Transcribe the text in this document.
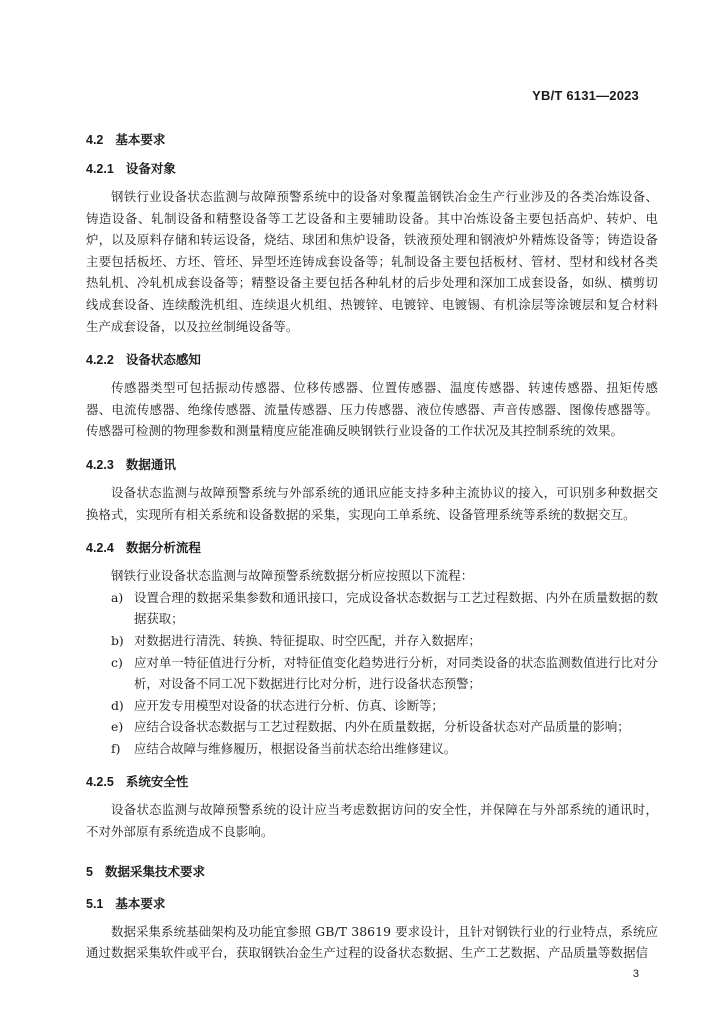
YB/T 6131—2023
4.2 基本要求
4.2.1 设备对象

钢铁行业设备状态监测与故障预警系统中的设备对象覆盖钢铁冶金生产行业涉及的各类冶炼设备、铸造设备、轧制设备和精整设备等工艺设备和主要辅助设备。其中冶炼设备主要包括高炉、转炉、电炉，以及原料存储和转运设备，烧结、球团和焦炉设备，铁液预处理和钢液炉外精炼设备等；铸造设备主要包括板坯、方坯、管坯、异型坯连铸成套设备等；轧制设备主要包括板材、管材、型材和线材各类热轧机、冷轧机成套设备等；精整设备主要包括各种轧材的后步处理和深加工成套设备，如纵、横剪切线成套设备、连续酸洗机组、连续退火机组、热镀锌、电镀锌、电镀锡、有机涂层等涂镀层和复合材料生产成套设备，以及拉丝制绳设备等。

4.2.2 设备状态感知

传感器类型可包括振动传感器、位移传感器、位置传感器、温度传感器、转速传感器、扭矩传感器、电流传感器、绝缘传感器、流量传感器、压力传感器、液位传感器、声音传感器、图像传感器等。传感器可检测的物理参数和测量精度应能准确反映钢铁行业设备的工作状况及其控制系统的效果。

4.2.3 数据通讯

设备状态监测与故障预警系统与外部系统的通讯应能支持多种主流协议的接入，可识别多种数据交换格式，实现所有相关系统和设备数据的采集，实现向工单系统、设备管理系统等系统的数据交互。

4.2.4 数据分析流程

钢铁行业设备状态监测与故障预警系统数据分析应按照以下流程：

a) 设置合理的数据采集参数和通讯接口，完成设备状态数据与工艺过程数据、内外在质量数据的数据获取；
b) 对数据进行清洗、转换、特征提取、时空匹配，并存入数据库；
c) 应对单一特征值进行分析，对特征值变化趋势进行分析，对同类设备的状态监测数值进行比对分析，对设备不同工况下数据进行比对分析，进行设备状态预警；
d) 应开发专用模型对设备的状态进行分析、仿真、诊断等；
e) 应结合设备状态数据与工艺过程数据、内外在质量数据，分析设备状态对产品质量的影响；
f) 应结合故障与维修履历，根据设备当前状态给出维修建议。
4.2.5 系统安全性

设备状态监测与故障预警系统的设计应当考虑数据访问的安全性，并保障在与外部系统的通讯时，不对外部原有系统造成不良影响。

5 数据采集技术要求
5.1 基本要求

数据采集系统基础架构及功能宜参照 GB/T 38619 要求设计，且针对钢铁行业的行业特点，系统应通过数据采集软件或平台，获取钢铁冶金生产过程的设备状态数据、生产工艺数据、产品质量等数据信

3
